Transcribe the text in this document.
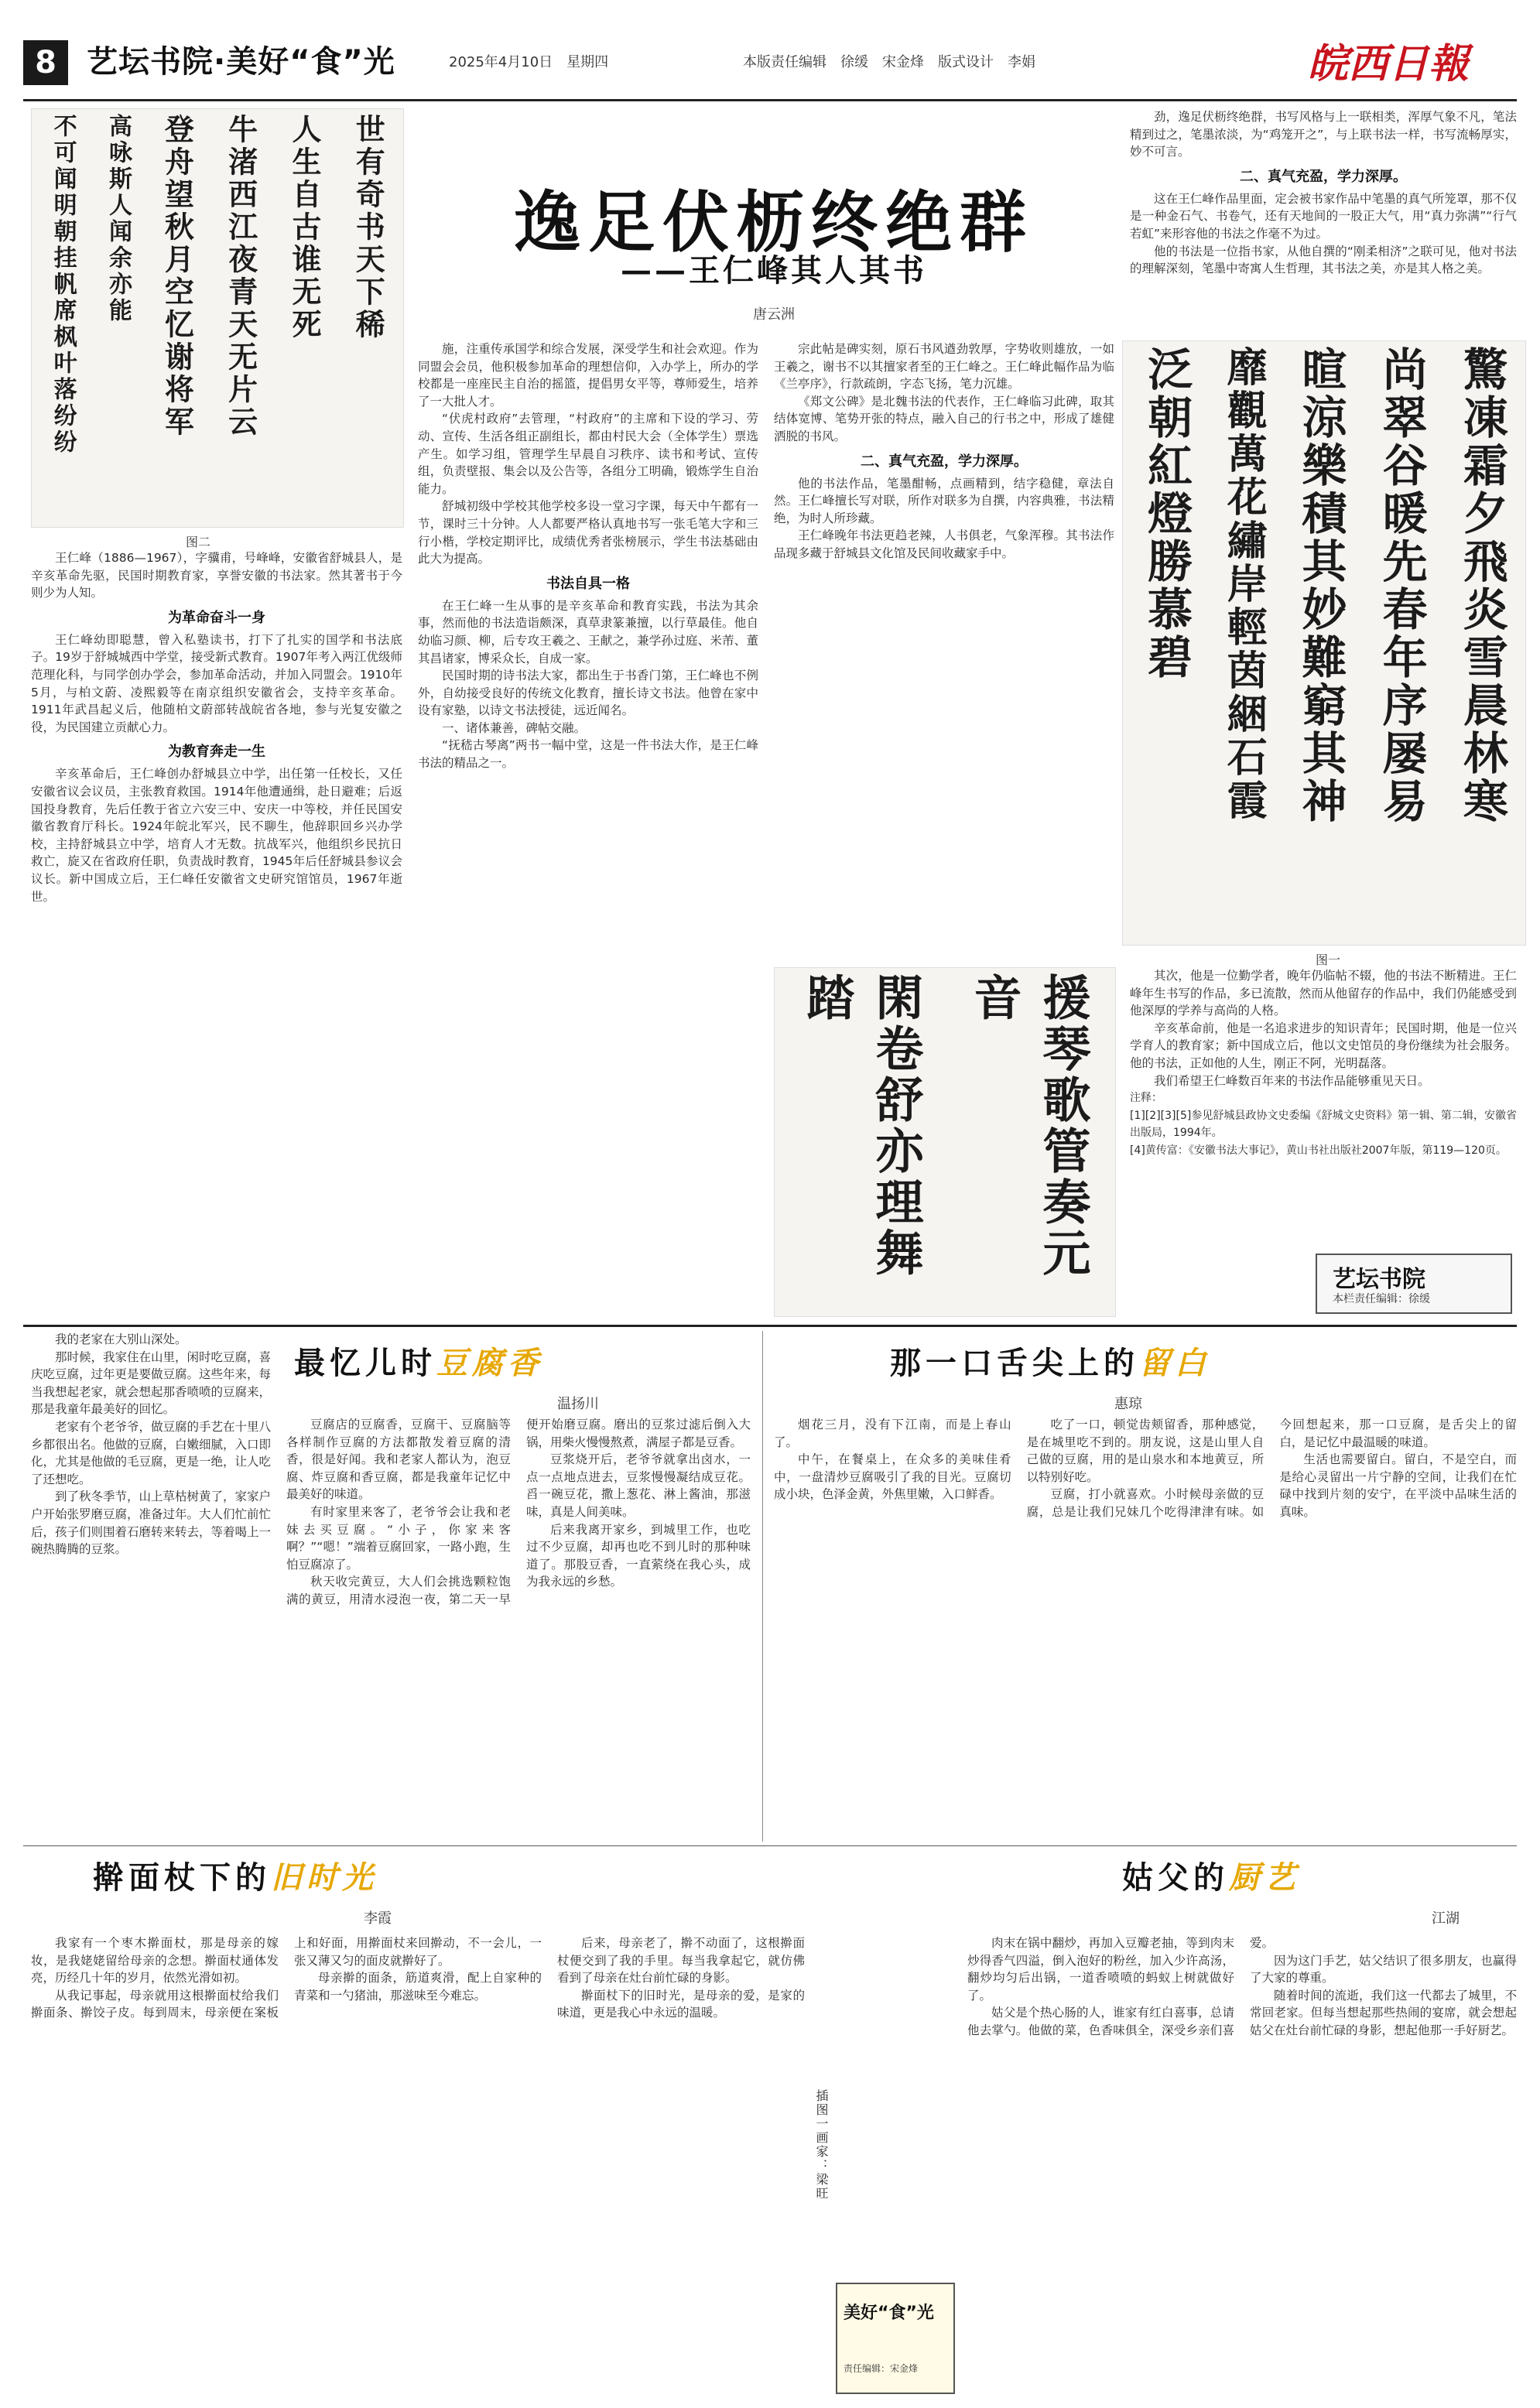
8 艺坛书院·美好“食”光	2025年4月10日　星期四	本版责任编辑　徐缓　宋金烽　版式设计　李娟	皖西日報
世有奇书天下稀
人生自古谁无死
牛渚西江夜青天无片云
登舟望秋月空忆谢将军
高咏斯人闻余亦能
不可闻明朝挂帆席枫叶落纷纷
图二
逸足伏枥终绝群
——王仁峰其人其书
唐云洲

王仁峰（1886—1967），字骥甫，号峰峰，安徽省舒城县人，是辛亥革命先驱，民国时期教育家，享誉安徽的书法家。然其著书于今则少为人知。

为革命奋斗一身

王仁峰幼即聪慧，曾入私塾读书，打下了扎实的国学和书法底子。19岁于舒城城西中学堂，接受新式教育。1907年考入两江优级师范理化科，与同学创办学会，参加革命活动，并加入同盟会。1910年5月，与柏文蔚、凌熙毅等在南京组织安徽省会，支持辛亥革命。1911年武昌起义后，他随柏文蔚部转战皖省各地，参与光复安徽之役，为民国建立贡献心力。

为教育奔走一生

辛亥革命后，王仁峰创办舒城县立中学，出任第一任校长，又任安徽省议会议员，主张教育救国。1914年他遭通缉，赴日避难；后返国投身教育，先后任教于省立六安三中、安庆一中等校，并任民国安徽省教育厅科长。1924年皖北军兴，民不聊生，他辞职回乡兴办学校，主持舒城县立中学，培育人才无数。抗战军兴，他组织乡民抗日救亡，旋又在省政府任职，负责战时教育，1945年后任舒城县参议会议长。新中国成立后，王仁峰任安徽省文史研究馆馆员，1967年逝世。

施，注重传承国学和综合发展，深受学生和社会欢迎。作为同盟会会员，他积极参加革命的理想信仰，入办学上，所办的学校都是一座座民主自治的摇篮，提倡男女平等，尊师爱生，培养了一大批人才。

“伏虎村政府”去管理，“村政府”的主席和下设的学习、劳动、宣传、生活各组正副组长，都由村民大会（全体学生）票选产生。如学习组，管理学生早晨自习秩序、读书和考试、宣传组，负责壁报、集会以及公告等，各组分工明确，锻炼学生自治能力。

舒城初级中学校其他学校多设一堂习字课，每天中午都有一节，课时三十分钟。人人都要严格认真地书写一张毛笔大字和三行小楷，学校定期评比，成绩优秀者张榜展示，学生书法基础由此大为提高。

书法自具一格

在王仁峰一生从事的是辛亥革命和教育实践，书法为其余事，然而他的书法造诣颇深，真草隶篆兼擅，以行草最佳。他自幼临习颜、柳，后专攻王羲之、王献之，兼学孙过庭、米芾、董其昌诸家，博采众长，自成一家。

民国时期的诗书法大家，都出生于书香门第，王仁峰也不例外，自幼接受良好的传统文化教育，擅长诗文书法。他曾在家中设有家塾，以诗文书法授徒，远近闻名。

一、诸体兼善，碑帖交融。

“抚嵇古琴离”两书一幅中堂，这是一件书法大作，是王仁峰书法的精品之一。

宗此帖是碑实刻，原石书风遒劲敦厚，字势收则雄放，一如王羲之，谢书不以其擅家者至的王仁峰之。王仁峰此幅作品为临《兰亭序》，行款疏朗，字态飞扬，笔力沉雄。

《郑文公碑》是北魏书法的代表作，王仁峰临习此碑，取其结体宽博、笔势开张的特点，融入自己的行书之中，形成了雄健洒脱的书风。

二、真气充盈，学力深厚。

他的书法作品，笔墨酣畅，点画精到，结字稳健，章法自然。王仁峰擅长写对联，所作对联多为自撰，内容典雅，书法精绝，为时人所珍藏。

王仁峰晚年书法更趋老辣，人书俱老，气象浑穆。其书法作品现多藏于舒城县文化馆及民间收藏家手中。	驚凍霜夕飛炎雪晨林寒
尚翠谷暖先春年序屡易
暄涼樂積其妙難窮其神
靡觀萬花繡岸輕茵綑石霞
泛朝紅燈勝慕碧
图一

劲，逸足伏枥终绝群，书写风格与上一联相类，浑厚气象不凡，笔法精到过之，笔墨浓淡，为“鸡笼开之”，与上联书法一样，书写流畅厚实，妙不可言。

二、真气充盈，学力深厚。

这在王仁峰作品里面，定会被书家作品中笔墨的真气所笼罩，那不仅是一种金石气、书卷气，还有天地间的一股正大气，用“真力弥满”“行气若虹”来形容他的书法之作毫不为过。

他的书法是一位指书家，从他自撰的“刚柔相济”之联可见，他对书法的理解深刻，笔墨中寄寓人生哲理，其书法之美，亦是其人格之美。

其次，他是一位勤学者，晚年仍临帖不辍，他的书法不断精进。王仁峰年生书写的作品，多已流散，然而从他留存的作品中，我们仍能感受到他深厚的学养与高尚的人格。

辛亥革命前，他是一名追求进步的知识青年；民国时期，他是一位兴学育人的教育家；新中国成立后，他以文史馆员的身份继续为社会服务。他的书法，正如他的人生，刚正不阿，光明磊落。

我们希望王仁峰数百年来的书法作品能够重见天日。

注释：

[1][2][3][5]参见舒城县政协文史委编《舒城文史资料》第一辑、第二辑，安徽省出版局，1994年。

[4]黄传富：《安徽书法大事记》，黄山书社出版社2007年版，第119—120页。

援琴歌管奏元音
閑卷舒亦理舞踏
艺坛书院
本栏责任编辑：徐缓

我的老家在大别山深处。

那时候，我家住在山里，闲时吃豆腐，喜庆吃豆腐，过年更是要做豆腐。这些年来，每当我想起老家，就会想起那香喷喷的豆腐来，那是我童年最美好的回忆。

老家有个老爷爷，做豆腐的手艺在十里八乡都很出名。他做的豆腐，白嫩细腻，入口即化，尤其是他做的毛豆腐，更是一绝，让人吃了还想吃。

到了秋冬季节，山上草枯树黄了，家家户户开始张罗磨豆腐，准备过年。大人们忙前忙后，孩子们则围着石磨转来转去，等着喝上一碗热腾腾的豆浆。

最忆儿时豆腐香
温扬川

豆腐店的豆腐香，豆腐干、豆腐脑等各样制作豆腐的方法都散发着豆腐的清香，很是好闻。我和老家人都认为，泡豆腐、炸豆腐和香豆腐，都是我童年记忆中最美好的味道。

有时家里来客了，老爷爷会让我和老妹去买豆腐。“小子，你家来客啊？”“嗯！”端着豆腐回家，一路小跑，生怕豆腐凉了。

秋天收完黄豆，大人们会挑选颗粒饱满的黄豆，用清水浸泡一夜，第二天一早便开始磨豆腐。磨出的豆浆过滤后倒入大锅，用柴火慢慢熬煮，满屋子都是豆香。

豆浆烧开后，老爷爷就拿出卤水，一点一点地点进去，豆浆慢慢凝结成豆花。舀一碗豆花，撒上葱花、淋上酱油，那滋味，真是人间美味。

后来我离开家乡，到城里工作，也吃过不少豆腐，却再也吃不到儿时的那种味道了。那股豆香，一直萦绕在我心头，成为我永远的乡愁。

那一口舌尖上的留白
惠琼

烟花三月，没有下江南，而是上春山了。

中午，在餐桌上，在众多的美味佳肴中，一盘清炒豆腐吸引了我的目光。豆腐切成小块，色泽金黄，外焦里嫩，入口鲜香。

吃了一口，顿觉齿颊留香，那种感觉，是在城里吃不到的。朋友说，这是山里人自己做的豆腐，用的是山泉水和本地黄豆，所以特别好吃。

豆腐，打小就喜欢。小时候母亲做的豆腐，总是让我们兄妹几个吃得津津有味。如今回想起来，那一口豆腐，是舌尖上的留白，是记忆中最温暖的味道。

生活也需要留白。留白，不是空白，而是给心灵留出一片宁静的空间，让我们在忙碌中找到片刻的安宁，在平淡中品味生活的真味。

擀面杖下的旧时光
李霞

我家有一个枣木擀面杖，那是母亲的嫁妆，是我姥姥留给母亲的念想。擀面杖通体发亮，历经几十年的岁月，依然光滑如初。

从我记事起，母亲就用这根擀面杖给我们擀面条、擀饺子皮。每到周末，母亲便在案板上和好面，用擀面杖来回擀动，不一会儿，一张又薄又匀的面皮就擀好了。

母亲擀的面条，筋道爽滑，配上自家种的青菜和一勺猪油，那滋味至今难忘。

后来，母亲老了，擀不动面了，这根擀面杖便交到了我的手里。每当我拿起它，就仿佛看到了母亲在灶台前忙碌的身影。

擀面杖下的旧时光，是母亲的爱，是家的味道，更是我心中永远的温暖。

插图一画家：梁旺
美好“食”光
责任编辑：宋金烽
姑父的厨艺
江湖

肉末在锅中翻炒，再加入豆瓣老抽，等到肉末炒得香气四溢，倒入泡好的粉丝，加入少许高汤，翻炒均匀后出锅，一道香喷喷的蚂蚁上树就做好了。

姑父是个热心肠的人，谁家有红白喜事，总请他去掌勺。他做的菜，色香味俱全，深受乡亲们喜爱。

因为这门手艺，姑父结识了很多朋友，也赢得了大家的尊重。

随着时间的流逝，我们这一代都去了城里，不常回老家。但每当想起那些热闹的宴席，就会想起姑父在灶台前忙碌的身影，想起他那一手好厨艺。
